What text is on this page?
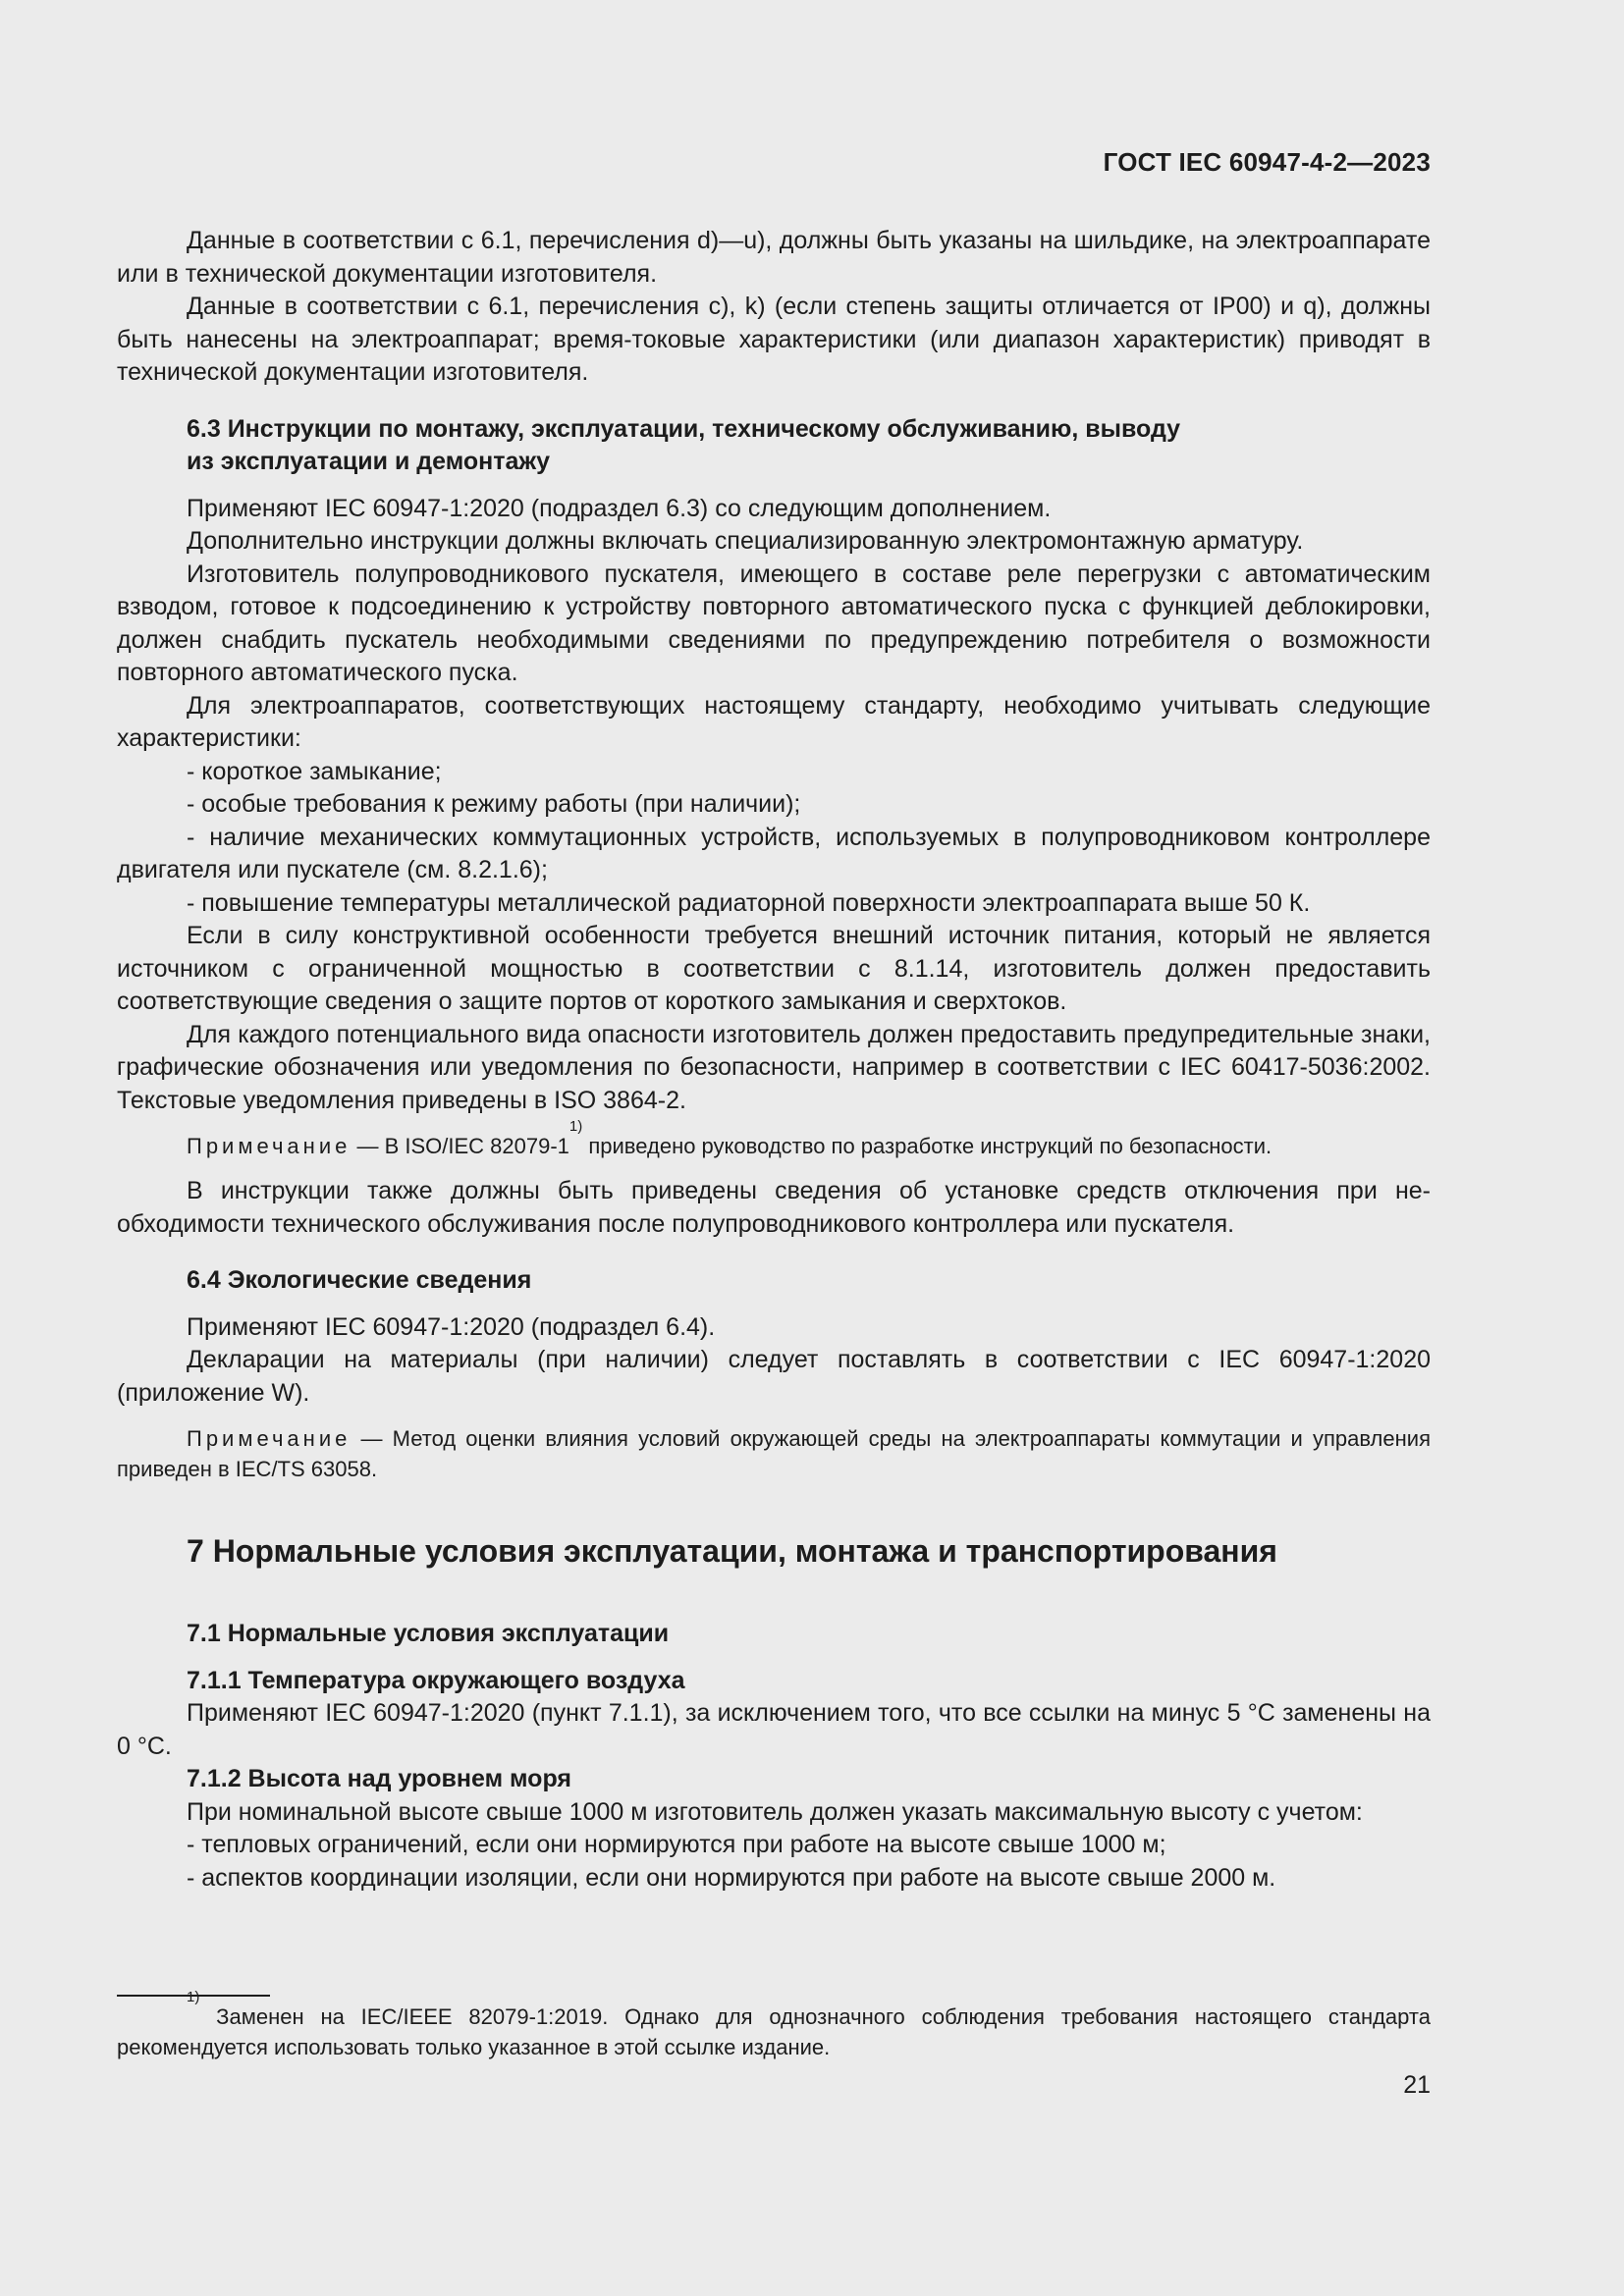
ГОСТ IEC 60947-4-2—2023

Данные в соответствии с 6.1, перечисления d)—u), должны быть указаны на шильдике, на электроаппарате или в технической документации изготовителя.

Данные в соответствии с 6.1, перечисления c), k) (если степень защиты отличается от IP00) и q), должны быть нанесены на электроаппарат; время-токовые характеристики (или диапазон характеристик) приводят в технической документации изготовителя.

6.3 Инструкции по монтажу, эксплуатации, техническому обслуживанию, выводу
из эксплуатации и демонтажу

Применяют IEC 60947-1:2020 (подраздел 6.3) со следующим дополнением.

Дополнительно инструкции должны включать специализированную электромонтажную арматуру.

Изготовитель полупроводникового пускателя, имеющего в составе реле перегрузки с автоматическим взводом, готовое к подсоединению к устройству повторного автоматического пуска с функцией деблокировки, должен снабдить пускатель необходимыми сведениями по предупреждению потребителя о возможности повторного автоматического пуска.

Для электроаппаратов, соответствующих настоящему стандарту, необходимо учитывать следующие характеристики:

- короткое замыкание;

- особые требования к режиму работы (при наличии);

- наличие механических коммутационных устройств, используемых в полупроводниковом контроллере двигателя или пускателе (см. 8.2.1.6);

- повышение температуры металлической радиаторной поверхности электроаппарата выше 50 К.

Если в силу конструктивной особенности требуется внешний источник питания, который не является источником с ограниченной мощностью в соответствии с 8.1.14, изготовитель должен предоставить соответствующие сведения о защите портов от короткого замыкания и сверхтоков.

Для каждого потенциального вида опасности изготовитель должен предоставить предупредительные знаки, графические обозначения или уведомления по безопасности, например в соответствии с IEC 60417-5036:2002. Текстовые уведомления приведены в ISO 3864-2.

Примечание — В ISO/IEC 82079-1$^{1)}$ приведено руководство по разработке инструкций по безопасности.

В инструкции также должны быть приведены сведения об установке средств отключения при необходимости технического обслуживания после полупроводникового контроллера или пускателя.

6.4 Экологические сведения

Применяют IEC 60947-1:2020 (подраздел 6.4).

Декларации на материалы (при наличии) следует поставлять в соответствии с IEC 60947-1:2020 (приложение W).

Примечание — Метод оценки влияния условий окружающей среды на электроаппараты коммутации и управления приведен в IEC/TS 63058.

7 Нормальные условия эксплуатации, монтажа и транспортирования
7.1 Нормальные условия эксплуатации
7.1.1 Температура окружающего воздуха

Применяют IEC 60947-1:2020 (пункт 7.1.1), за исключением того, что все ссылки на минус 5 °C заменены на 0 °C.

7.1.2 Высота над уровнем моря

При номинальной высоте свыше 1000 м изготовитель должен указать максимальную высоту с учетом:

- тепловых ограничений, если они нормируются при работе на высоте свыше 1000 м;

- аспектов координации изоляции, если они нормируются при работе на высоте свыше 2000 м.

$^{1)}$ Заменен на IEC/IEEE 82079-1:2019. Однако для однозначного соблюдения требования настоящего стандарта рекомендуется использовать только указанное в этой ссылке издание.
21
